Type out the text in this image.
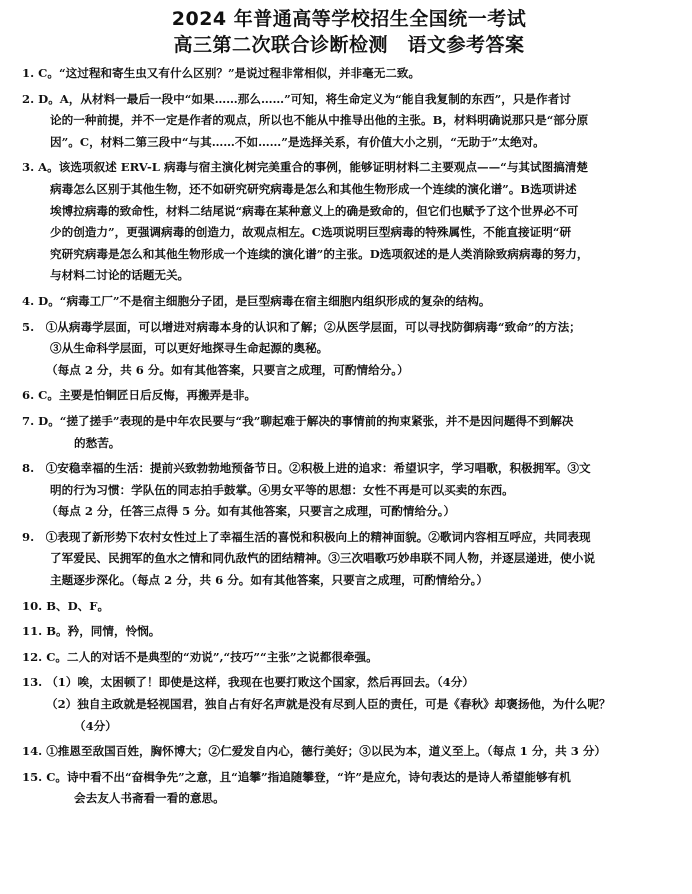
2024 年普通高等学校招生全国统一考试
高三第二次联合诊断检测　语文参考答案
1. C。“这过程和寄生虫又有什么区别？”是说过程非常相似，并非毫无二致。
2. D。A，从材料一最后一段中“如果……那么……”可知，将生命定义为“能自我复制的东西”，只是作者讨
论的一种前提，并不一定是作者的观点，所以也不能从中推导出他的主张。B，材料明确说那只是“部分原
因”。C，材料二第三段中“与其……不如……”是选择关系，有价值大小之别，“无助于”太绝对。
3. A。该选项叙述 ERV-L 病毒与宿主演化树完美重合的事例，能够证明材料二主要观点——“与其试图搞清楚
病毒怎么区别于其他生物，还不如研究研究病毒是怎么和其他生物形成一个连续的演化谱”。B选项讲述
埃博拉病毒的致命性，材料二结尾说“病毒在某种意义上的确是致命的，但它们也赋予了这个世界必不可
少的创造力”，更强调病毒的创造力，故观点相左。C选项说明巨型病毒的特殊属性，不能直接证明“研
究研究病毒是怎么和其他生物形成一个连续的演化谱”的主张。D选项叙述的是人类消除致病病毒的努力，
与材料二讨论的话题无关。
4. D。“病毒工厂”不是宿主细胞分子团，是巨型病毒在宿主细胞内组织形成的复杂的结构。
5.　①从病毒学层面，可以增进对病毒本身的认识和了解；②从医学层面，可以寻找防御病毒“致命”的方法；
③从生命科学层面，可以更好地探寻生命起源的奥秘。
（每点 2 分，共 6 分。如有其他答案，只要言之成理，可酌情给分。）
6. C。主要是怕铜匠日后反悔，再搬弄是非。
7. D。“搓了搓手”表现的是中年农民要与“我”聊起难于解决的事情前的拘束紧张，并不是因问题得不到解决
的愁苦。
8.　①安稳幸福的生活：提前兴致勃勃地预备节日。②积极上进的追求：希望识字，学习唱歌，积极拥军。③文
明的行为习惯：学队伍的同志拍手鼓掌。④男女平等的思想：女性不再是可以买卖的东西。
（每点 2 分，任答三点得 5 分。如有其他答案，只要言之成理，可酌情给分。）
9.　①表现了新形势下农村女性过上了幸福生活的喜悦和积极向上的精神面貌。②歌词内容相互呼应，共同表现
了军爱民、民拥军的鱼水之情和同仇敌忾的团结精神。③三次唱歌巧妙串联不同人物，并逐层递进，使小说
主题逐步深化。（每点 2 分，共 6 分。如有其他答案，只要言之成理，可酌情给分。）
10. B、D、F。
11. B。矜，同情，怜悯。
12. C。二人的对话不是典型的“劝说”,“技巧”“主张”之说都很牵强。
13. （1）唉，太困顿了！即使是这样，我现在也要打败这个国家，然后再回去。（4分）
（2）独自主政就是轻视国君，独自占有好名声就是没有尽到人臣的责任，可是《春秋》却褒扬他，为什么呢？
（4分）
14. ①推恩至敌国百姓，胸怀博大；②仁爱发自内心，德行美好；③以民为本，道义至上。（每点 1 分，共 3 分）
15. C。诗中看不出“奋楫争先”之意，且“追攀”指追随攀登，“许”是应允，诗句表达的是诗人希望能够有机
会去友人书斋看一看的意思。
